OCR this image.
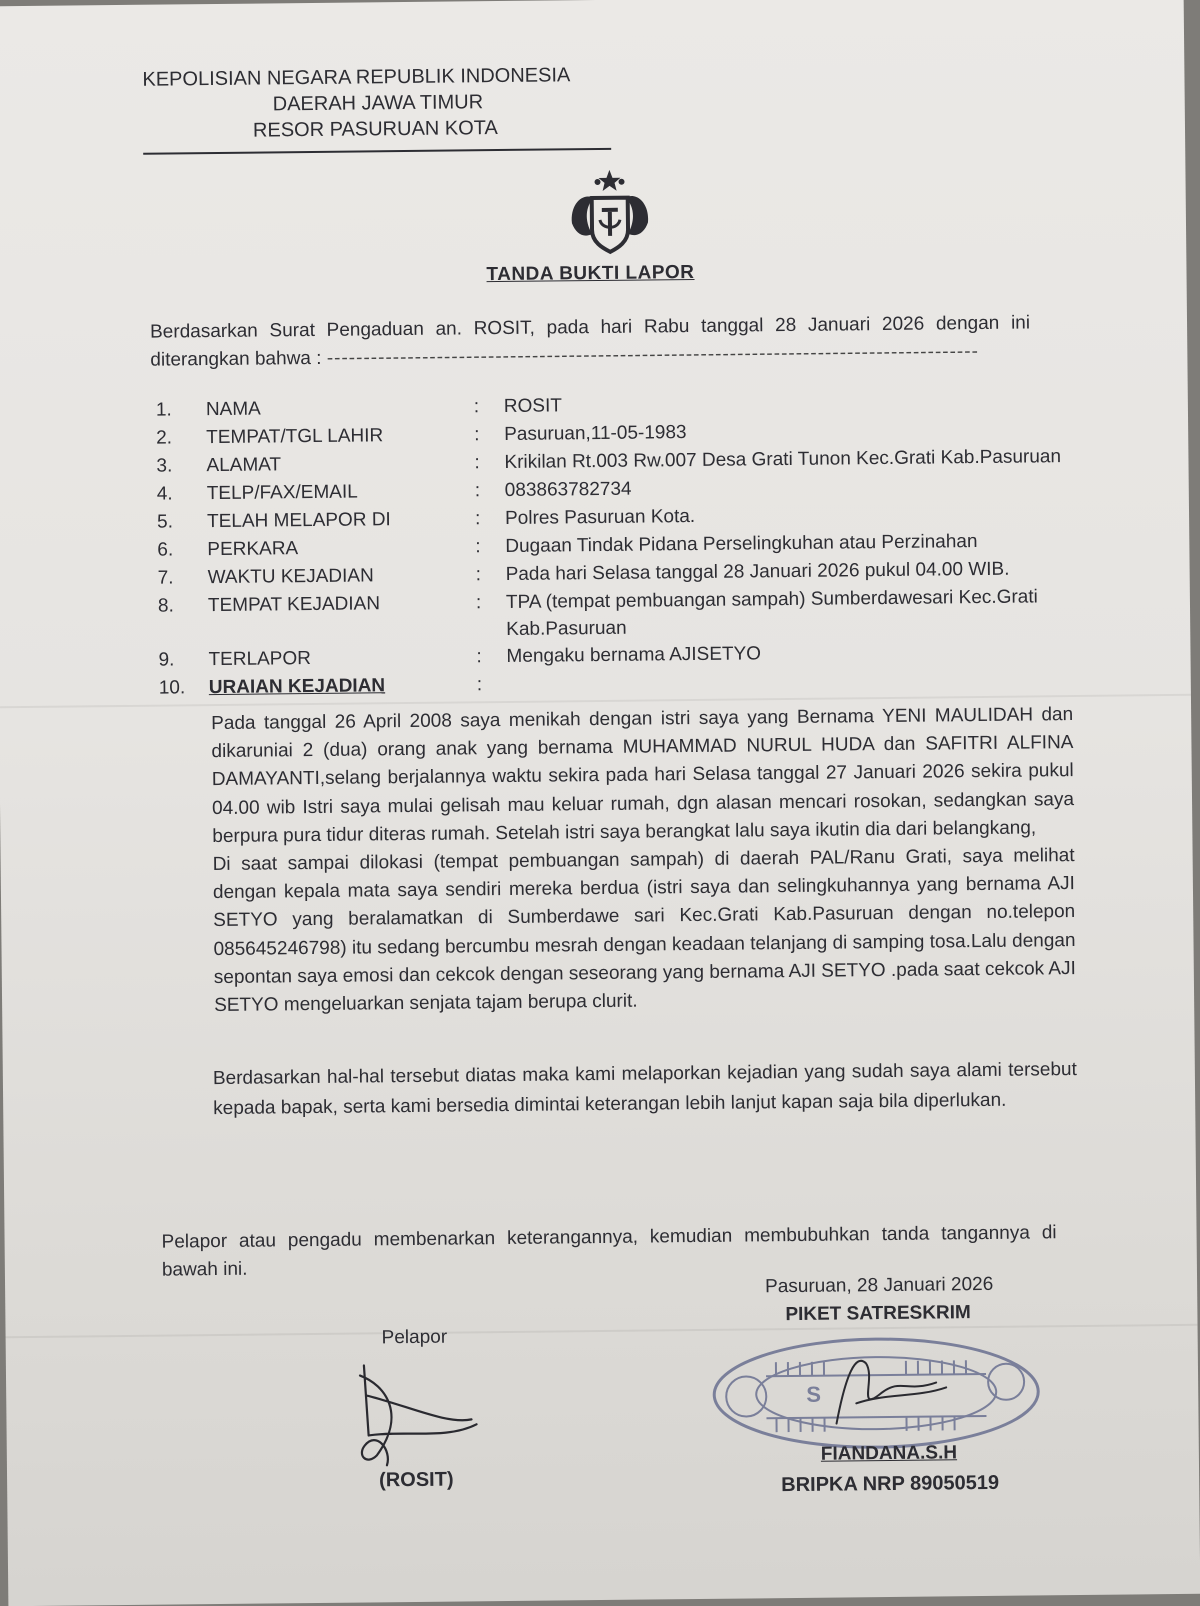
KEPOLISIAN NEGARA REPUBLIK INDONESIA
DAERAH JAWA TIMUR
RESOR PASURUAN KOTA
TANDA BUKTI LAPOR
Berdasarkan Surat Pengaduan an. ROSIT, pada hari Rabu tanggal 28 Januari 2026 dengan ini diterangkan bahwa : -----------------------------------------------------------------------------------------
1.	NAMA	: ROSIT
2.	TEMPAT/TGL LAHIR	: Pasuruan,11-05-1983
3.	ALAMAT	: Krikilan Rt.003 Rw.007 Desa Grati Tunon Kec.Grati Kab.Pasuruan
4.	TELP/FAX/EMAIL	: 083863782734
5.	TELAH MELAPOR DI	: Polres Pasuruan Kota.
6.	PERKARA	: Dugaan Tindak Pidana Perselingkuhan atau Perzinahan
7.	WAKTU KEJADIAN	: Pada hari Selasa tanggal 28 Januari 2026 pukul 04.00 WIB.
8.	TEMPAT KEJADIAN	: TPA (tempat pembuangan sampah) Sumberdawesari Kec.Grati Kab.Pasuruan
9.	TERLAPOR	: Mengaku bernama AJISETYO
10.	URAIAN KEJADIAN	:

Pada tanggal 26 April 2008 saya menikah dengan istri saya yang Bernama YENI MAULIDAH dan dikaruniai 2 (dua) orang anak yang bernama MUHAMMAD NURUL HUDA dan SAFITRI ALFINA DAMAYANTI,selang berjalannya waktu sekira pada hari Selasa tanggal 27 Januari 2026 sekira pukul 04.00 wib Istri saya mulai gelisah mau keluar rumah, dgn alasan mencari rosokan, sedangkan saya berpura pura tidur diteras rumah. Setelah istri saya berangkat lalu saya ikutin dia dari belangkang,

Di saat sampai dilokasi (tempat pembuangan sampah) di daerah PAL/Ranu Grati, saya melihat dengan kepala mata saya sendiri mereka berdua (istri saya dan selingkuhannya yang bernama AJI SETYO yang beralamatkan di Sumberdawe sari Kec.Grati Kab.Pasuruan dengan no.telepon 085645246798) itu sedang bercumbu mesrah dengan keadaan telanjang di samping tosa.Lalu dengan sepontan saya emosi dan cekcok dengan seseorang yang bernama AJI SETYO .pada saat cekcok AJI SETYO mengeluarkan senjata tajam berupa clurit.

Berdasarkan hal-hal tersebut diatas maka kami melaporkan kejadian yang sudah saya alami tersebut kepada bapak, serta kami bersedia dimintai keterangan lebih lanjut kapan saja bila diperlukan.
Pelapor atau pengadu membenarkan keterangannya, kemudian membubuhkan tanda tangannya di bawah ini.
Pelapor
(ROSIT)
Pasuruan, 28 Januari 2026
PIKET SATRESKRIM
S
FIANDANA.S.H
BRIPKA NRP 89050519
